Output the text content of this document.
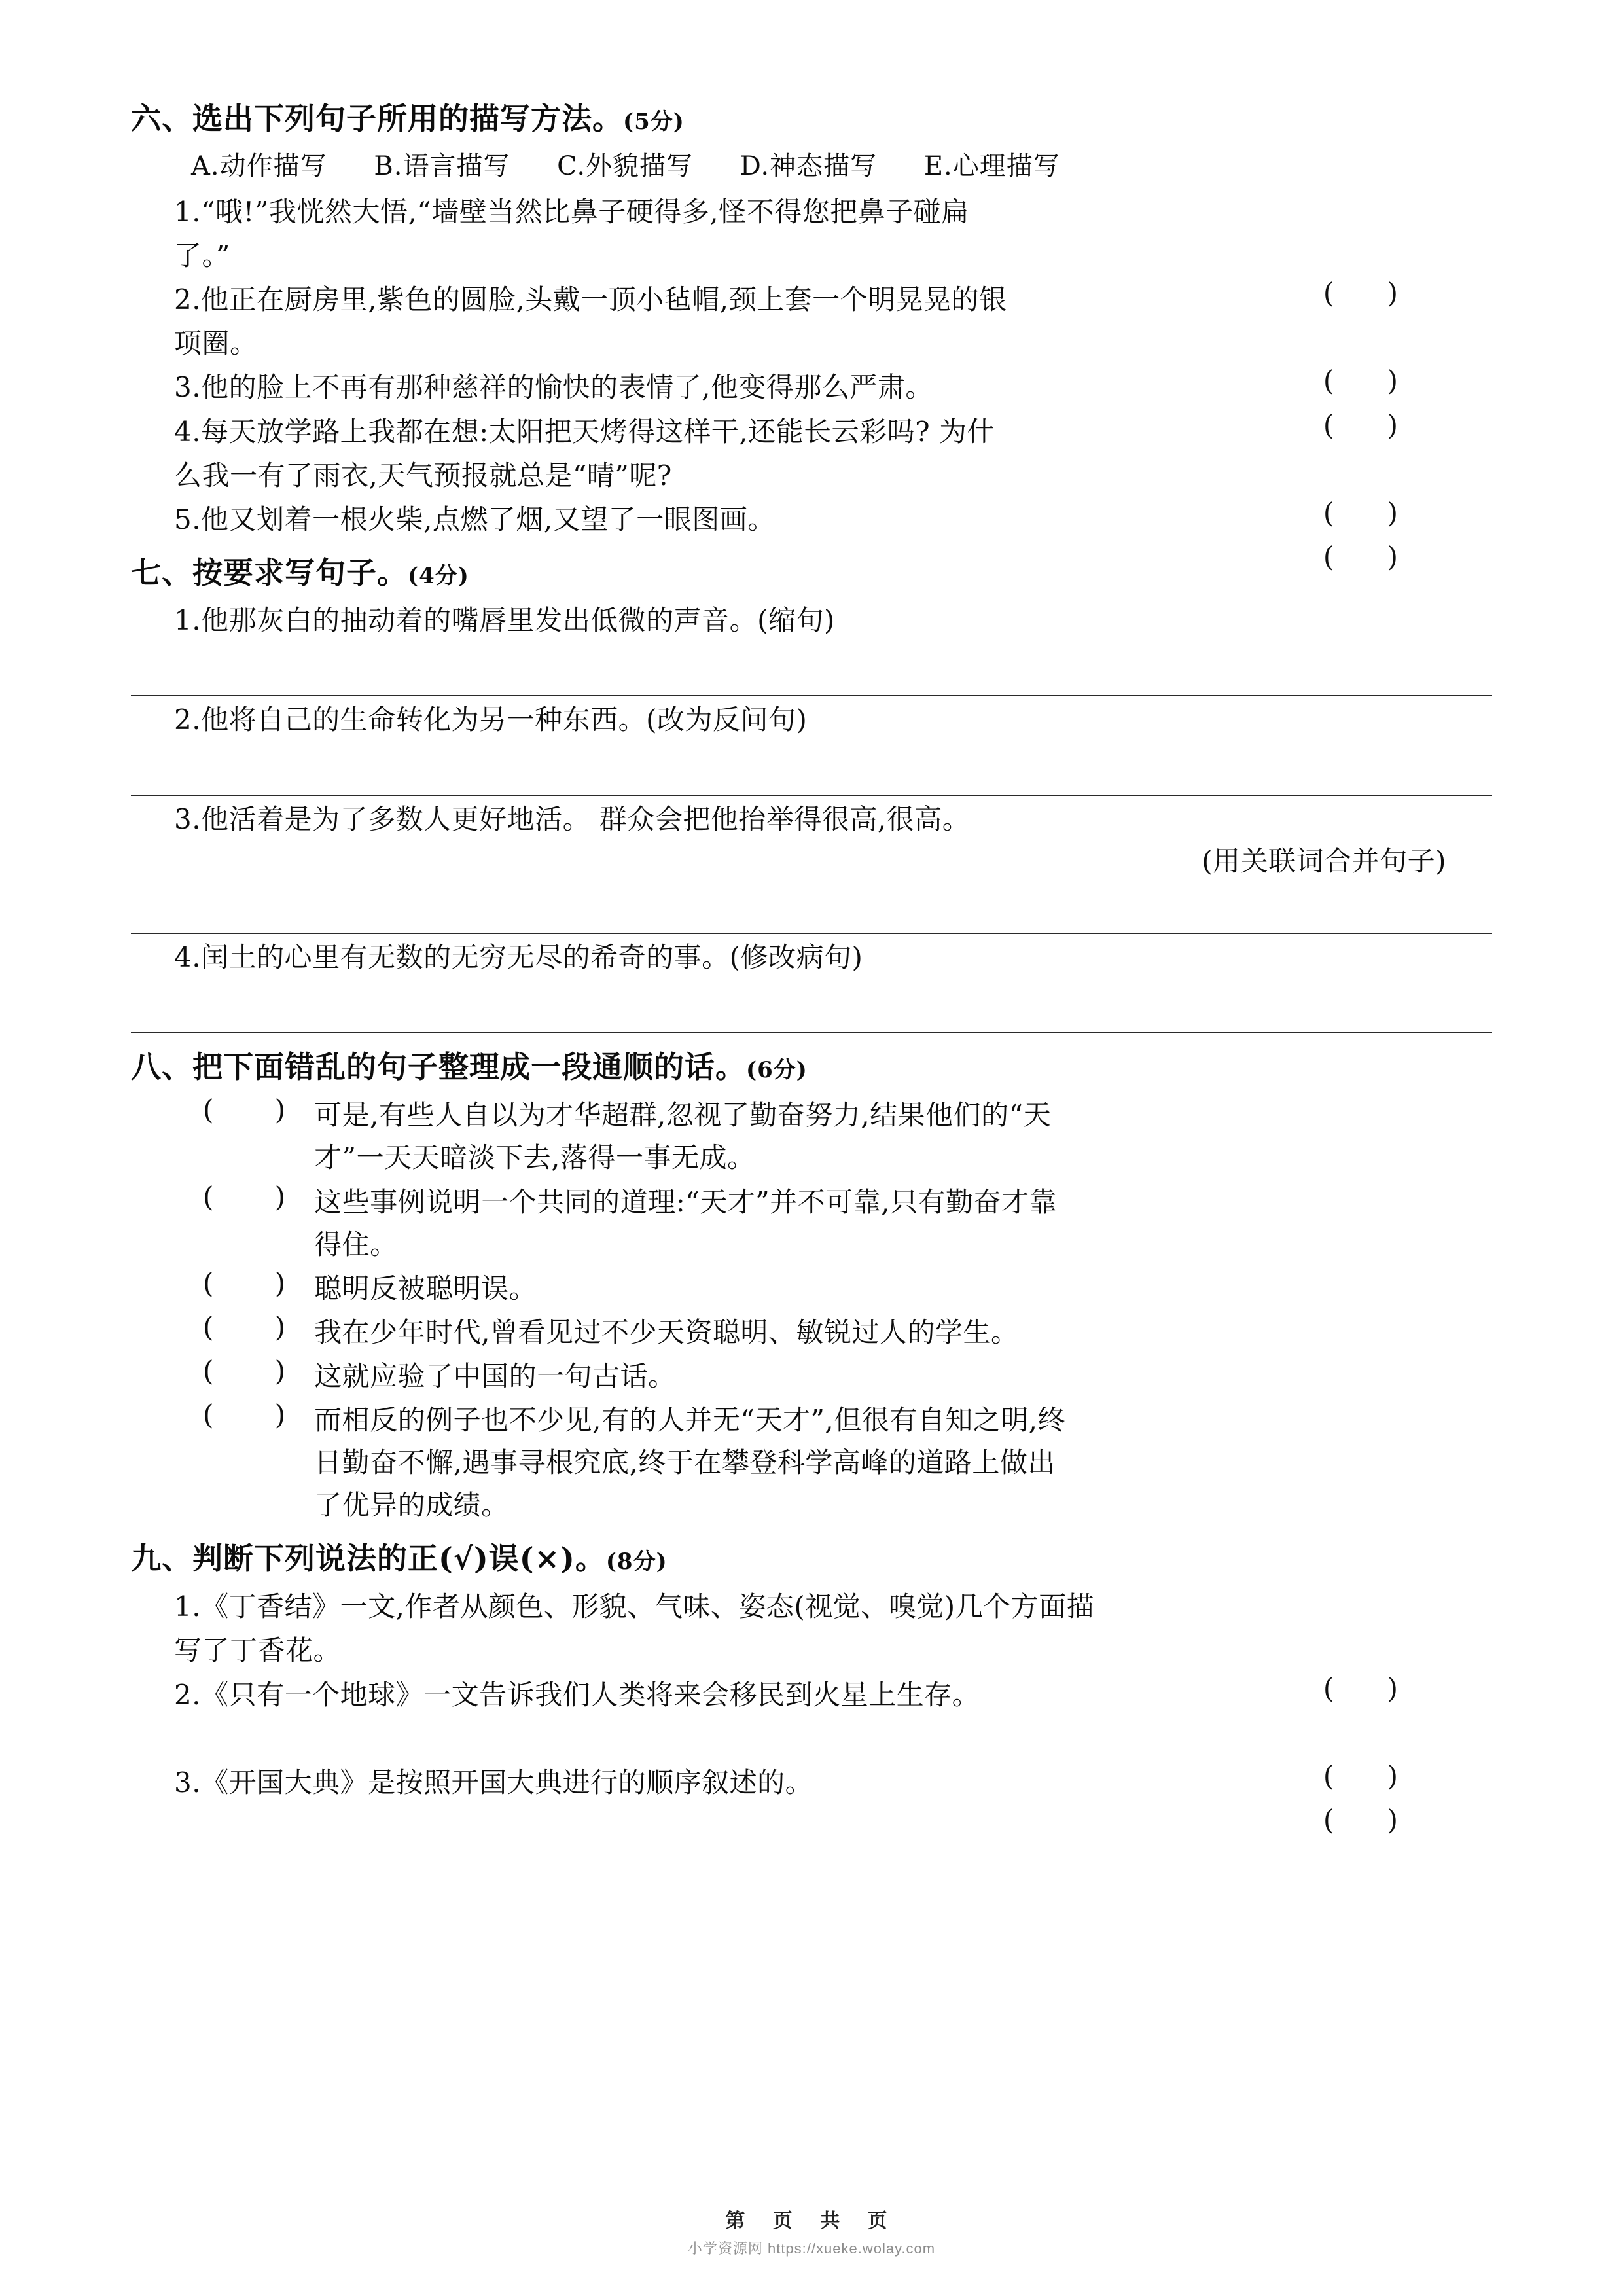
六、选出下列句子所用的描写方法。(5分)
A.动作描写 B.语言描写 C.外貌描写 D.神态描写 E.心理描写
1.“哦!”我恍然大悟,“墙壁当然比鼻子硬得多,怪不得您把鼻子碰扁
了。”
( )
2.他正在厨房里,紫色的圆脸,头戴一顶小毡帽,颈上套一个明晃晃的银
项圈。
( )
3.他的脸上不再有那种慈祥的愉快的表情了,他变得那么严肃。
( )
4.每天放学路上我都在想:太阳把天烤得这样干,还能长云彩吗? 为什
么我一有了雨衣,天气预报就总是“晴”呢?
( )
5.他又划着一根火柴,点燃了烟,又望了一眼图画。
( )
七、按要求写句子。(4分)
1.他那灰白的抽动着的嘴唇里发出低微的声音。(缩句)
2.他将自己的生命转化为另一种东西。(改为反问句)
3.他活着是为了多数人更好地活。 群众会把他抬举得很高,很高。
(用关联词合并句子)
4.闰土的心里有无数的无穷无尽的希奇的事。(修改病句)
八、把下面错乱的句子整理成一段通顺的话。(6分)
( ) 可是,有些人自以为才华超群,忽视了勤奋努力,结果他们的“天
才”一天天暗淡下去,落得一事无成。
( ) 这些事例说明一个共同的道理:“天才”并不可靠,只有勤奋才靠
得住。
( ) 聪明反被聪明误。
( ) 我在少年时代,曾看见过不少天资聪明、敏锐过人的学生。
( ) 这就应验了中国的一句古话。
( ) 而相反的例子也不少见,有的人并无“天才”,但很有自知之明,终
日勤奋不懈,遇事寻根究底,终于在攀登科学高峰的道路上做出
了优异的成绩。
九、判断下列说法的正(√)误(×)。(8分)
1.《丁香结》一文,作者从颜色、形貌、气味、姿态(视觉、嗅觉)几个方面描
写了丁香花。
( )
2.《只有一个地球》一文告诉我们人类将来会移民到火星上生存。

( )
3.《开国大典》是按照开国大典进行的顺序叙述的。
( )
第 页 共 页
小学资源网 https://xueke.wolay.com
